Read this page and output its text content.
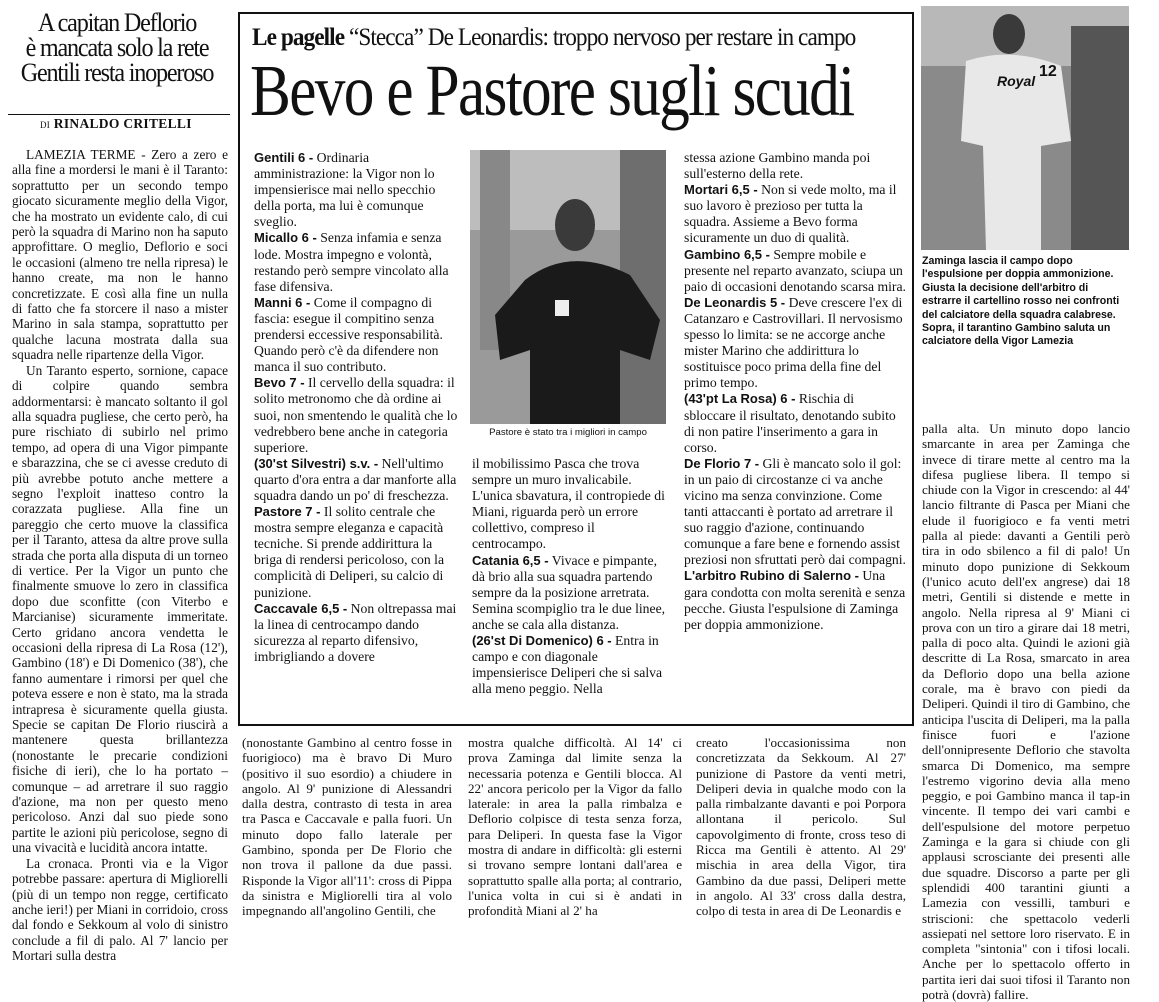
A capitan Deflorio
è mancata solo la rete
Gentili resta inoperoso
di RINALDO CRITELLI

LAMEZIA TERME - Zero a zero e alla fine a mordersi le mani è il Taranto: soprattutto per un secondo tempo giocato sicuramente meglio della Vigor, che ha mostrato un evidente calo, di cui però la squadra di Marino non ha saputo approfittare. O meglio, Deflorio e soci le occasioni (almeno tre nella ripresa) le hanno create, ma non le hanno concretizzate. E così alla fine un nulla di fatto che fa storcere il naso a mister Marino in sala stampa, soprattutto per qualche lacuna mostrata dalla sua squadra nelle ripartenze della Vigor.

Un Taranto esperto, sornione, capace di colpire quando sembra addormentarsi: è mancato soltanto il gol alla squadra pugliese, che certo però, ha pure rischiato di subirlo nel primo tempo, ad opera di una Vigor pimpante e sbarazzina, che se ci avesse creduto di più avrebbe potuto anche mettere a segno l'exploit inatteso contro la corazzata pugliese. Alla fine un pareggio che certo muove la classifica per il Taranto, attesa da altre prove sulla strada che porta alla disputa di un torneo di vertice. Per la Vigor un punto che finalmente smuove lo zero in classifica dopo due sconfitte (con Viterbo e Marcianise) sicuramente immeritate. Certo gridano ancora vendetta le occasioni della ripresa di La Rosa (12'), Gambino (18') e Di Domenico (38'), che fanno aumentare i rimorsi per quel che poteva essere e non è stato, ma la strada intrapresa è sicuramente quella giusta. Specie se capitan De Florio riuscirà a mantenere questa brillantezza (nonostante le precarie condizioni fisiche di ieri), che lo ha portato – comunque – ad arretrare il suo raggio d'azione, ma non per questo meno pericoloso. Anzi dal suo piede sono partite le azioni più pericolose, segno di una vivacità e lucidità ancora intatte.

La cronaca. Pronti via e la Vigor potrebbe passare: apertura di Migliorelli (più di un tempo non regge, certificato anche ieri!) per Miani in corridoio, cross dal fondo e Sekkoum al volo di sinistro conclude a fil di palo. Al 7' lancio per Mortari sulla destra

Le pagelle “Stecca” De Leonardis: troppo nervoso per restare in campo
Bevo e Pastore sugli scudi

Gentili 6 - Ordinaria amministrazione: la Vigor non lo impensierisce mai nello specchio della porta, ma lui è comunque sveglio.

Micallo 6 - Senza infamia e senza lode. Mostra impegno e volontà, restando però sempre vincolato alla fase difensiva.

Manni 6 - Come il compagno di fascia: esegue il compitino senza prendersi eccessive responsabilità. Quando però c'è da difendere non manca il suo contributo.

Bevo 7 - Il cervello della squadra: il solito metronomo che dà ordine ai suoi, non smentendo le qualità che lo vedrebbero bene anche in categoria superiore.

(30'st Silvestri) s.v. - Nell'ultimo quarto d'ora entra a dar manforte alla squadra dando un po' di freschezza.

Pastore 7 - Il solito centrale che mostra sempre eleganza e capacità tecniche. Si prende addirittura la briga di rendersi pericoloso, con la complicità di Deliperi, su calcio di punizione.

Caccavale 6,5 - Non oltrepassa mai la linea di centrocampo dando sicurezza al reparto difensivo, imbrigliando a dovere

Pastore è stato tra i migliori in campo

il mobilissimo Pasca che trova sempre un muro invalicabile. L'unica sbavatura, il contropiede di Miani, riguarda però un errore collettivo, compreso il centrocampo.

Catania 6,5 - Vivace e pimpante, dà brio alla sua squadra partendo sempre da la posizione arretrata. Semina scompiglio tra le due linee, anche se cala alla distanza.

(26'st Di Domenico) 6 - Entra in campo e con diagonale impensierisce Deliperi che si salva alla meno peggio. Nella

stessa azione Gambino manda poi sull'esterno della rete.

Mortari 6,5 - Non si vede molto, ma il suo lavoro è prezioso per tutta la squadra. Assieme a Bevo forma sicuramente un duo di qualità.

Gambino 6,5 - Sempre mobile e presente nel reparto avanzato, sciupa un paio di occasioni denotando scarsa mira.

De Leonardis 5 - Deve crescere l'ex di Catanzaro e Castrovillari. Il nervosismo spesso lo limita: se ne accorge anche mister Marino che addirittura lo sostituisce poco prima della fine del primo tempo.

(43'pt La Rosa) 6 - Rischia di sbloccare il risultato, denotando subito di non patire l'inserimento a gara in corso.

De Florio 7 - Gli è mancato solo il gol: in un paio di circostanze ci va anche vicino ma senza convinzione. Come tanti attaccanti è portato ad arretrare il suo raggio d'azione, continuando comunque a fare bene e fornendo assist preziosi non sfruttati però dai compagni.

L'arbitro Rubino di Salerno - Una gara condotta con molta serenità e senza pecche. Giusta l'espulsione di Zaminga per doppia ammonizione.

12
Royal
Zaminga lascia il campo dopo l'espulsione per doppia ammonizione. Giusta la decisione dell'arbitro di estrarre il cartellino rosso nei confronti del calciatore della squadra calabrese. Sopra, il tarantino Gambino saluta un calciatore della Vigor Lamezia
(nonostante Gambino al centro fosse in fuorigioco) ma è bravo Di Muro (positivo il suo esordio) a chiudere in angolo. Al 9' punizione di Alessandri dalla destra, contrasto di testa in area tra Pasca e Caccavale e palla fuori. Un minuto dopo fallo laterale per Gambino, sponda per De Florio che non trova il pallone da due passi. Risponde la Vigor all'11': cross di Pippa da sinistra e Migliorelli tira al volo impegnando all'angolino Gentili, che
mostra qualche difficoltà. Al 14' ci prova Zaminga dal limite senza la necessaria potenza e Gentili blocca. Al 22' ancora pericolo per la Vigor da fallo laterale: in area la palla rimbalza e Deflorio colpisce di testa senza forza, para Deliperi. In questa fase la Vigor mostra di andare in difficoltà: gli esterni si trovano sempre lontani dall'area e soprattutto spalle alla porta; al contrario, l'unica volta in cui si è andati in profondità Miani al 2' ha
creato l'occasionissima non concretizzata da Sekkoum. Al 27' punizione di Pastore da venti metri, Deliperi devia in qualche modo con la palla rimbalzante davanti e poi Porpora allontana il pericolo. Sul capovolgimento di fronte, cross teso di Ricca ma Gentili è attento. Al 29' mischia in area della Vigor, tira Gambino da due passi, Deliperi mette in angolo. Al 33' cross dalla destra, colpo di testa in area di De Leonardis e
palla alta. Un minuto dopo lancio smarcante in area per Zaminga che invece di tirare mette al centro ma la difesa pugliese libera. Il tempo si chiude con la Vigor in crescendo: al 44' lancio filtrante di Pasca per Miani che elude il fuorigioco e fa venti metri palla al piede: davanti a Gentili però tira in odo sbilenco a fil di palo! Un minuto dopo punizione di Sekkoum (l'unico acuto dell'ex angrese) dai 18 metri, Gentili si distende e mette in angolo. Nella ripresa al 9' Miani ci prova con un tiro a girare dai 18 metri, palla di poco alta. Quindi le azioni già descritte di La Rosa, smarcato in area da Deflorio dopo una bella azione corale, ma è bravo con piedi da Deliperi. Quindi il tiro di Gambino, che anticipa l'uscita di Deliperi, ma la palla finisce fuori e l'azione dell'onnipresente Deflorio che stavolta smarca Di Domenico, ma sempre l'estremo vigorino devia alla meno peggio, e poi Gambino manca il tap-in vincente. Il tempo dei vari cambi e dell'espulsione del motore perpetuo Zaminga e la gara si chiude con gli applausi scrosciante dei presenti alle due squadre. Discorso a parte per gli splendidi 400 tarantini giunti a Lamezia con vessilli, tamburi e striscioni: che spettacolo vederli assiepati nel settore loro riservato. E in completa "sintonia" con i tifosi locali. Anche per lo spettacolo offerto in partita ieri dai suoi tifosi il Taranto non potrà (dovrà) fallire.
